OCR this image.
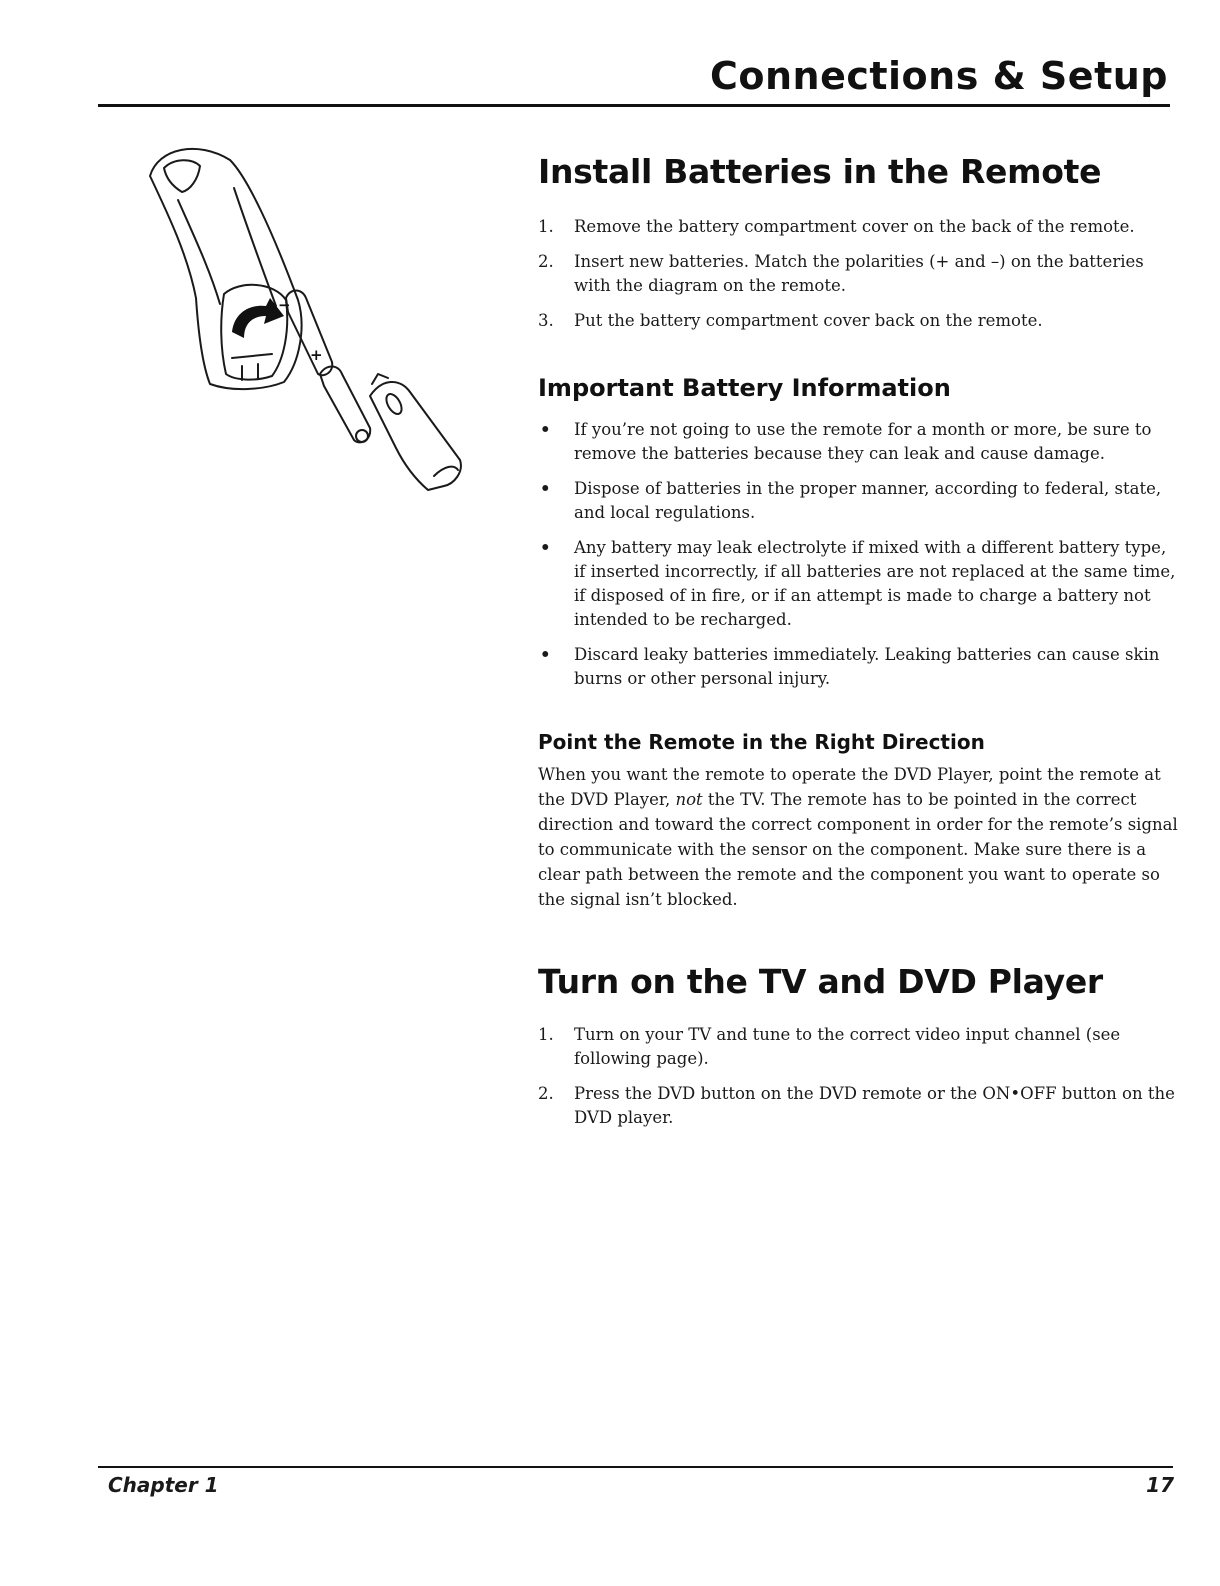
Connections & Setup
+
−
Install Batteries in the Remote
1. Remove the battery compartment cover on the back of the remote.
2. Insert new batteries. Match the polarities (+ and –) on the batteries with the diagram on the remote.
3. Put the battery compartment cover back on the remote.
Important Battery Information
• If you’re not going to use the remote for a month or more, be sure to remove the batteries because they can leak and cause damage.
• Dispose of batteries in the proper manner, according to federal, state, and local regulations.
• Any battery may leak electrolyte if mixed with a different battery type, if inserted incorrectly, if all batteries are not replaced at the same time, if disposed of in fire, or if an attempt is made to charge a battery not intended to be recharged.
• Discard leaky batteries immediately. Leaking batteries can cause skin burns or other personal injury.
Point the Remote in the Right Direction

When you want the remote to operate the DVD Player, point the remote at the DVD Player, not the TV. The remote has to be pointed in the correct direction and toward the correct component in order for the remote’s signal to communicate with the sensor on the component. Make sure there is a clear path between the remote and the component you want to operate so the signal isn’t blocked.

Turn on the TV and DVD Player
1. Turn on your TV and tune to the correct video input channel (see following page).
2. Press the DVD button on the DVD remote or the ON•OFF button on the DVD player.
Chapter 1	17
